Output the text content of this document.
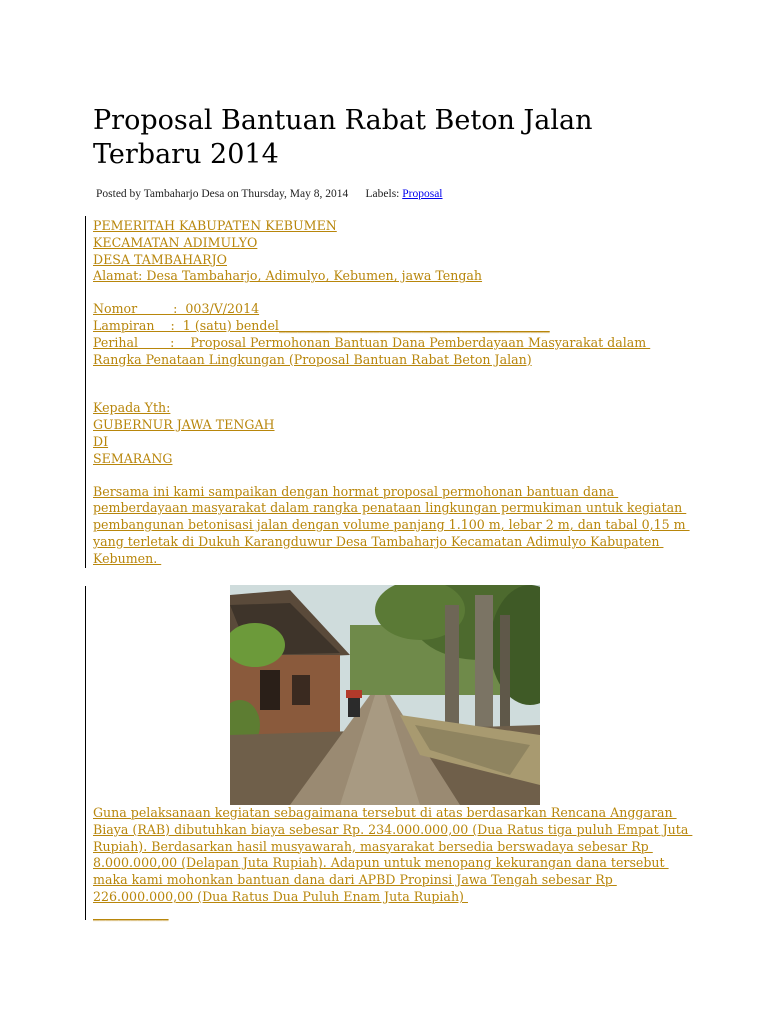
Proposal Bantuan Rabat Beton Jalan Terbaru 2014
Posted by Tambaharjo Desa on Thursday, May 8, 2014 Labels: Proposal
PEMERITAH KABUPATEN KEBUMEN
KECAMATAN ADIMULYO
DESA TAMBAHARJO
Alamat: Desa Tambaharjo, Adimulyo, Kebumen, jawa Tengah
Nomor         :  003/V/2014
Lampiran    :  1 (satu) bendel___________________________________________
Perihal        :    Proposal Permohonan Bantuan Dana Pemberdayaan Masyarakat dalam
Rangka Penataan Lingkungan (Proposal Bantuan Rabat Beton Jalan)
Kepada Yth:
GUBERNUR JAWA TENGAH
DI
SEMARANG
Bersama ini kami sampaikan dengan hormat proposal permohonan bantuan dana
pemberdayaan masyarakat dalam rangka penataan lingkungan permukiman untuk kegiatan
pembangunan betonisasi jalan dengan volume panjang 1.100 m, lebar 2 m, dan tabal 0,15 m
yang terletak di Dukuh Karangduwur Desa Tambaharjo Kecamatan Adimulyo Kabupaten
Kebumen.
Guna pelaksanaan kegiatan sebagaimana tersebut di atas berdasarkan Rencana Anggaran
Biaya (RAB) dibutuhkan biaya sebesar Rp. 234.000.000,00 (Dua Ratus tiga puluh Empat Juta
Rupiah). Berdasarkan hasil musyawarah, masyarakat bersedia berswadaya sebesar Rp
8.000.000,00 (Delapan Juta Rupiah). Adapun untuk menopang kekurangan dana tersebut
maka kami mohonkan bantuan dana dari APBD Propinsi Jawa Tengah sebesar Rp
226.000.000,00 (Dua Ratus Dua Puluh Enam Juta Rupiah)
____________
